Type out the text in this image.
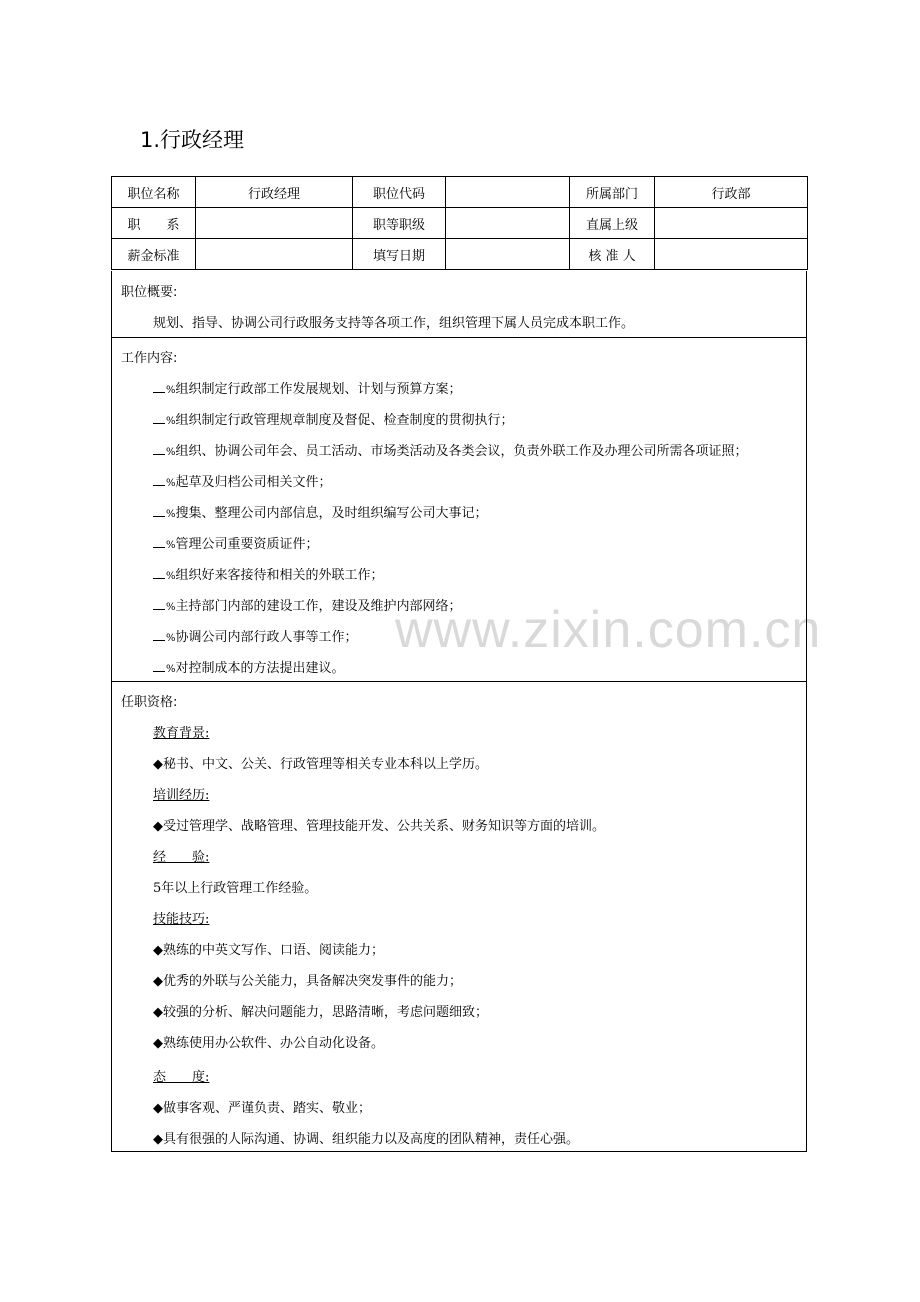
1.行政经理
www.zixin.com.cn
职位名称	行政经理	职位代码		所属部门	行政部
职　　系		职等职级		直属上级	
薪金标准		填写日期		核 准 人	
职位概要:
规划、指导、协调公司行政服务支持等各项工作，组织管理下属人员完成本职工作。
工作内容:
%组织制定行政部工作发展规划、计划与预算方案；
%组织制定行政管理规章制度及督促、检查制度的贯彻执行；
%组织、协调公司年会、员工活动、市场类活动及各类会议，负责外联工作及办理公司所需各项证照；
%起草及归档公司相关文件；
%搜集、整理公司内部信息，及时组织编写公司大事记；
%管理公司重要资质证件；
%组织好来客接待和相关的外联工作；
%主持部门内部的建设工作，建设及维护内部网络；
%协调公司内部行政人事等工作；
%对控制成本的方法提出建议。
任职资格:
教育背景:
◆秘书、中文、公关、行政管理等相关专业本科以上学历。
培训经历:
◆受过管理学、战略管理、管理技能开发、公共关系、财务知识等方面的培训。
经　　验:
5年以上行政管理工作经验。
技能技巧:
◆熟练的中英文写作、口语、阅读能力；
◆优秀的外联与公关能力，具备解决突发事件的能力；
◆较强的分析、解决问题能力，思路清晰，考虑问题细致；
◆熟练使用办公软件、办公自动化设备。
态　　度:
◆做事客观、严谨负责、踏实、敬业；
◆具有很强的人际沟通、协调、组织能力以及高度的团队精神，责任心强。
